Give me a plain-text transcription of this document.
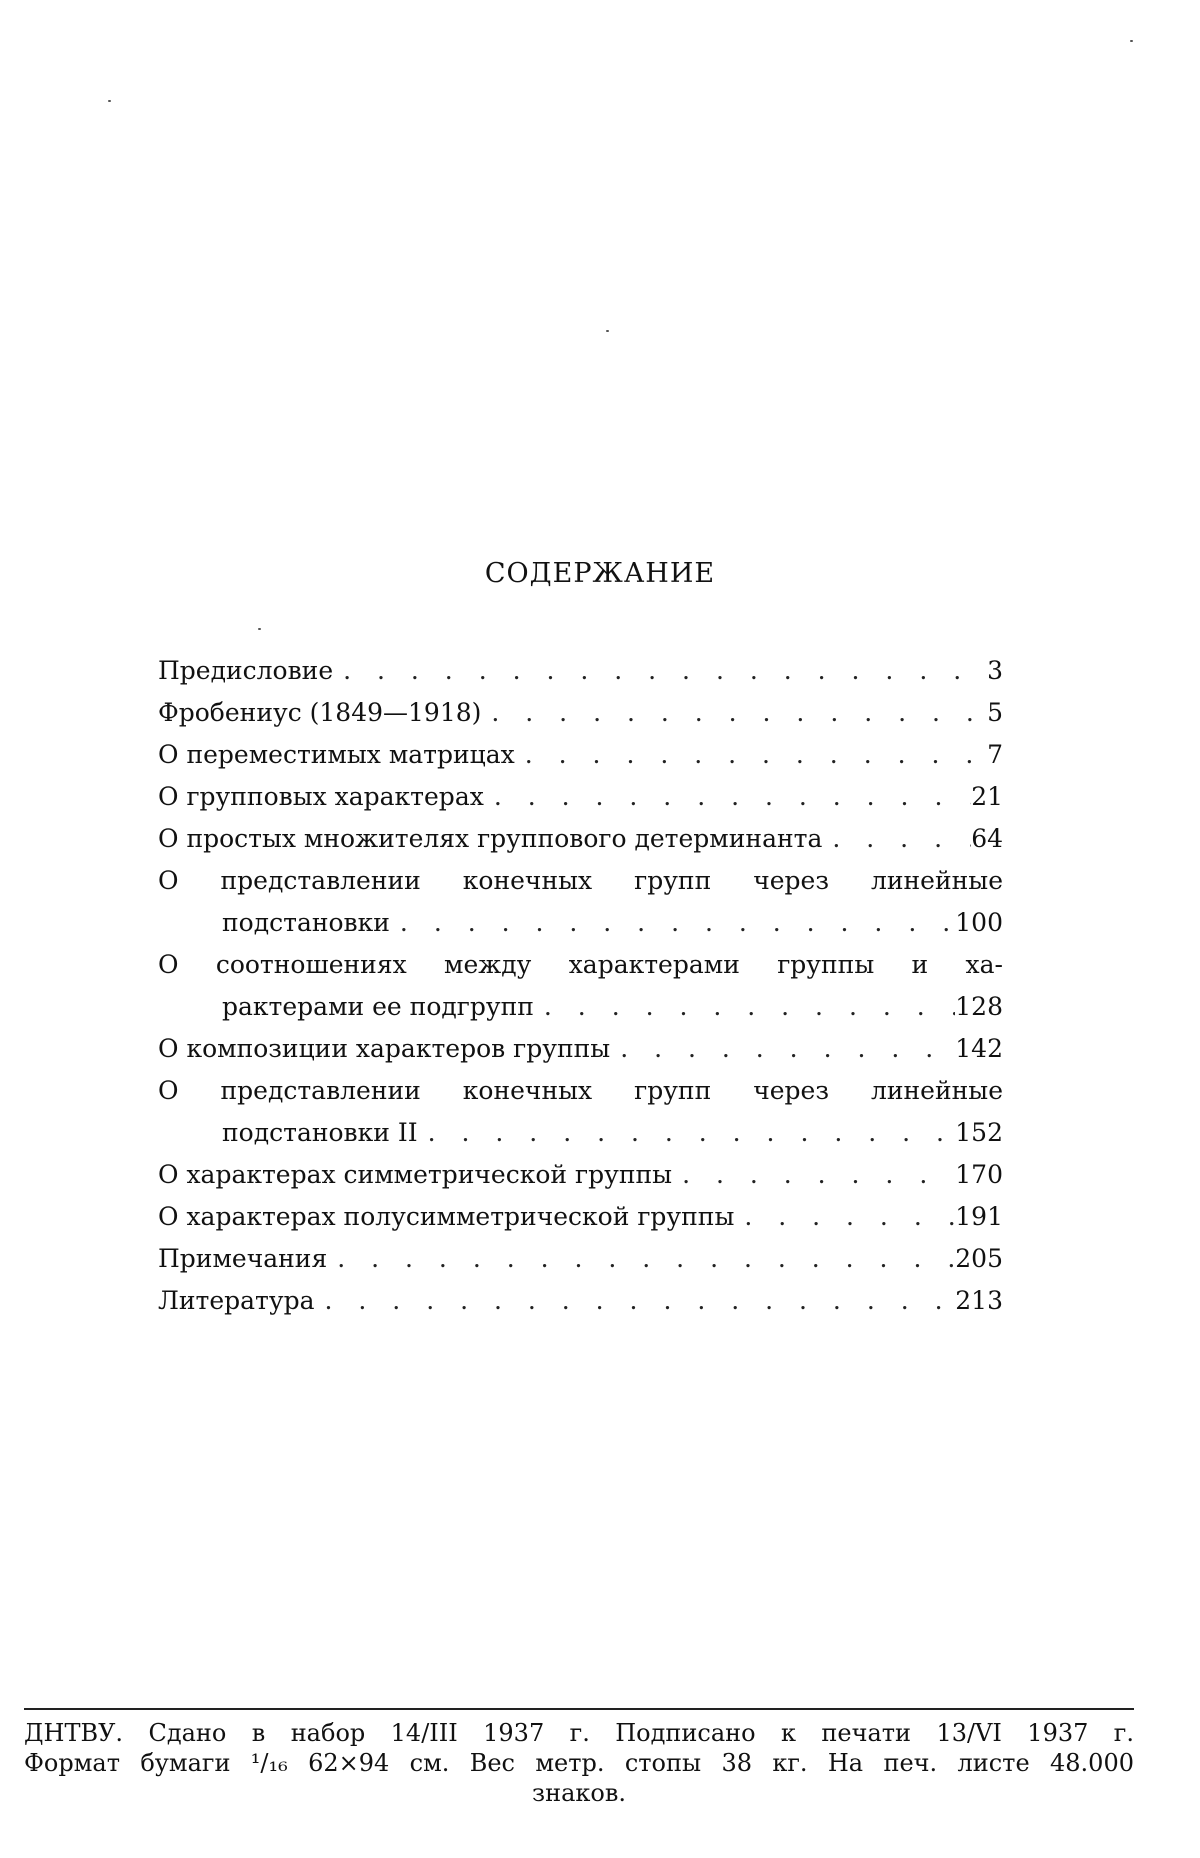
СОДЕРЖАНИЕ
Предисловие . . .	3
Фробениус (1849—1918) . . .	5
О переместимых матрицах . . .	7
О групповых характерах . . .	21
О простых множителях группового детерминанта . . .	64
О представлении конечных групп через линейные
подстановки . . .	100
О соотношениях между характерами группы и ха-
рактерами ее подгрупп . . .	128
О композиции характеров группы . . .	142
О представлении конечных групп через линейные
подстановки II . . .	152
О характерах симметрической группы . . .	170
О характерах полусимметрической группы . . .	191
Примечания . . .	205
Литература . . .	213
ДНТВУ. Сдано в набор 14/III 1937 г. Подписано к печати 13/VI 1937 г.
Формат бумаги ¹/₁₆ 62×94 см. Вес метр. стопы 38 кг. На печ. листе 48.000
знаков.
